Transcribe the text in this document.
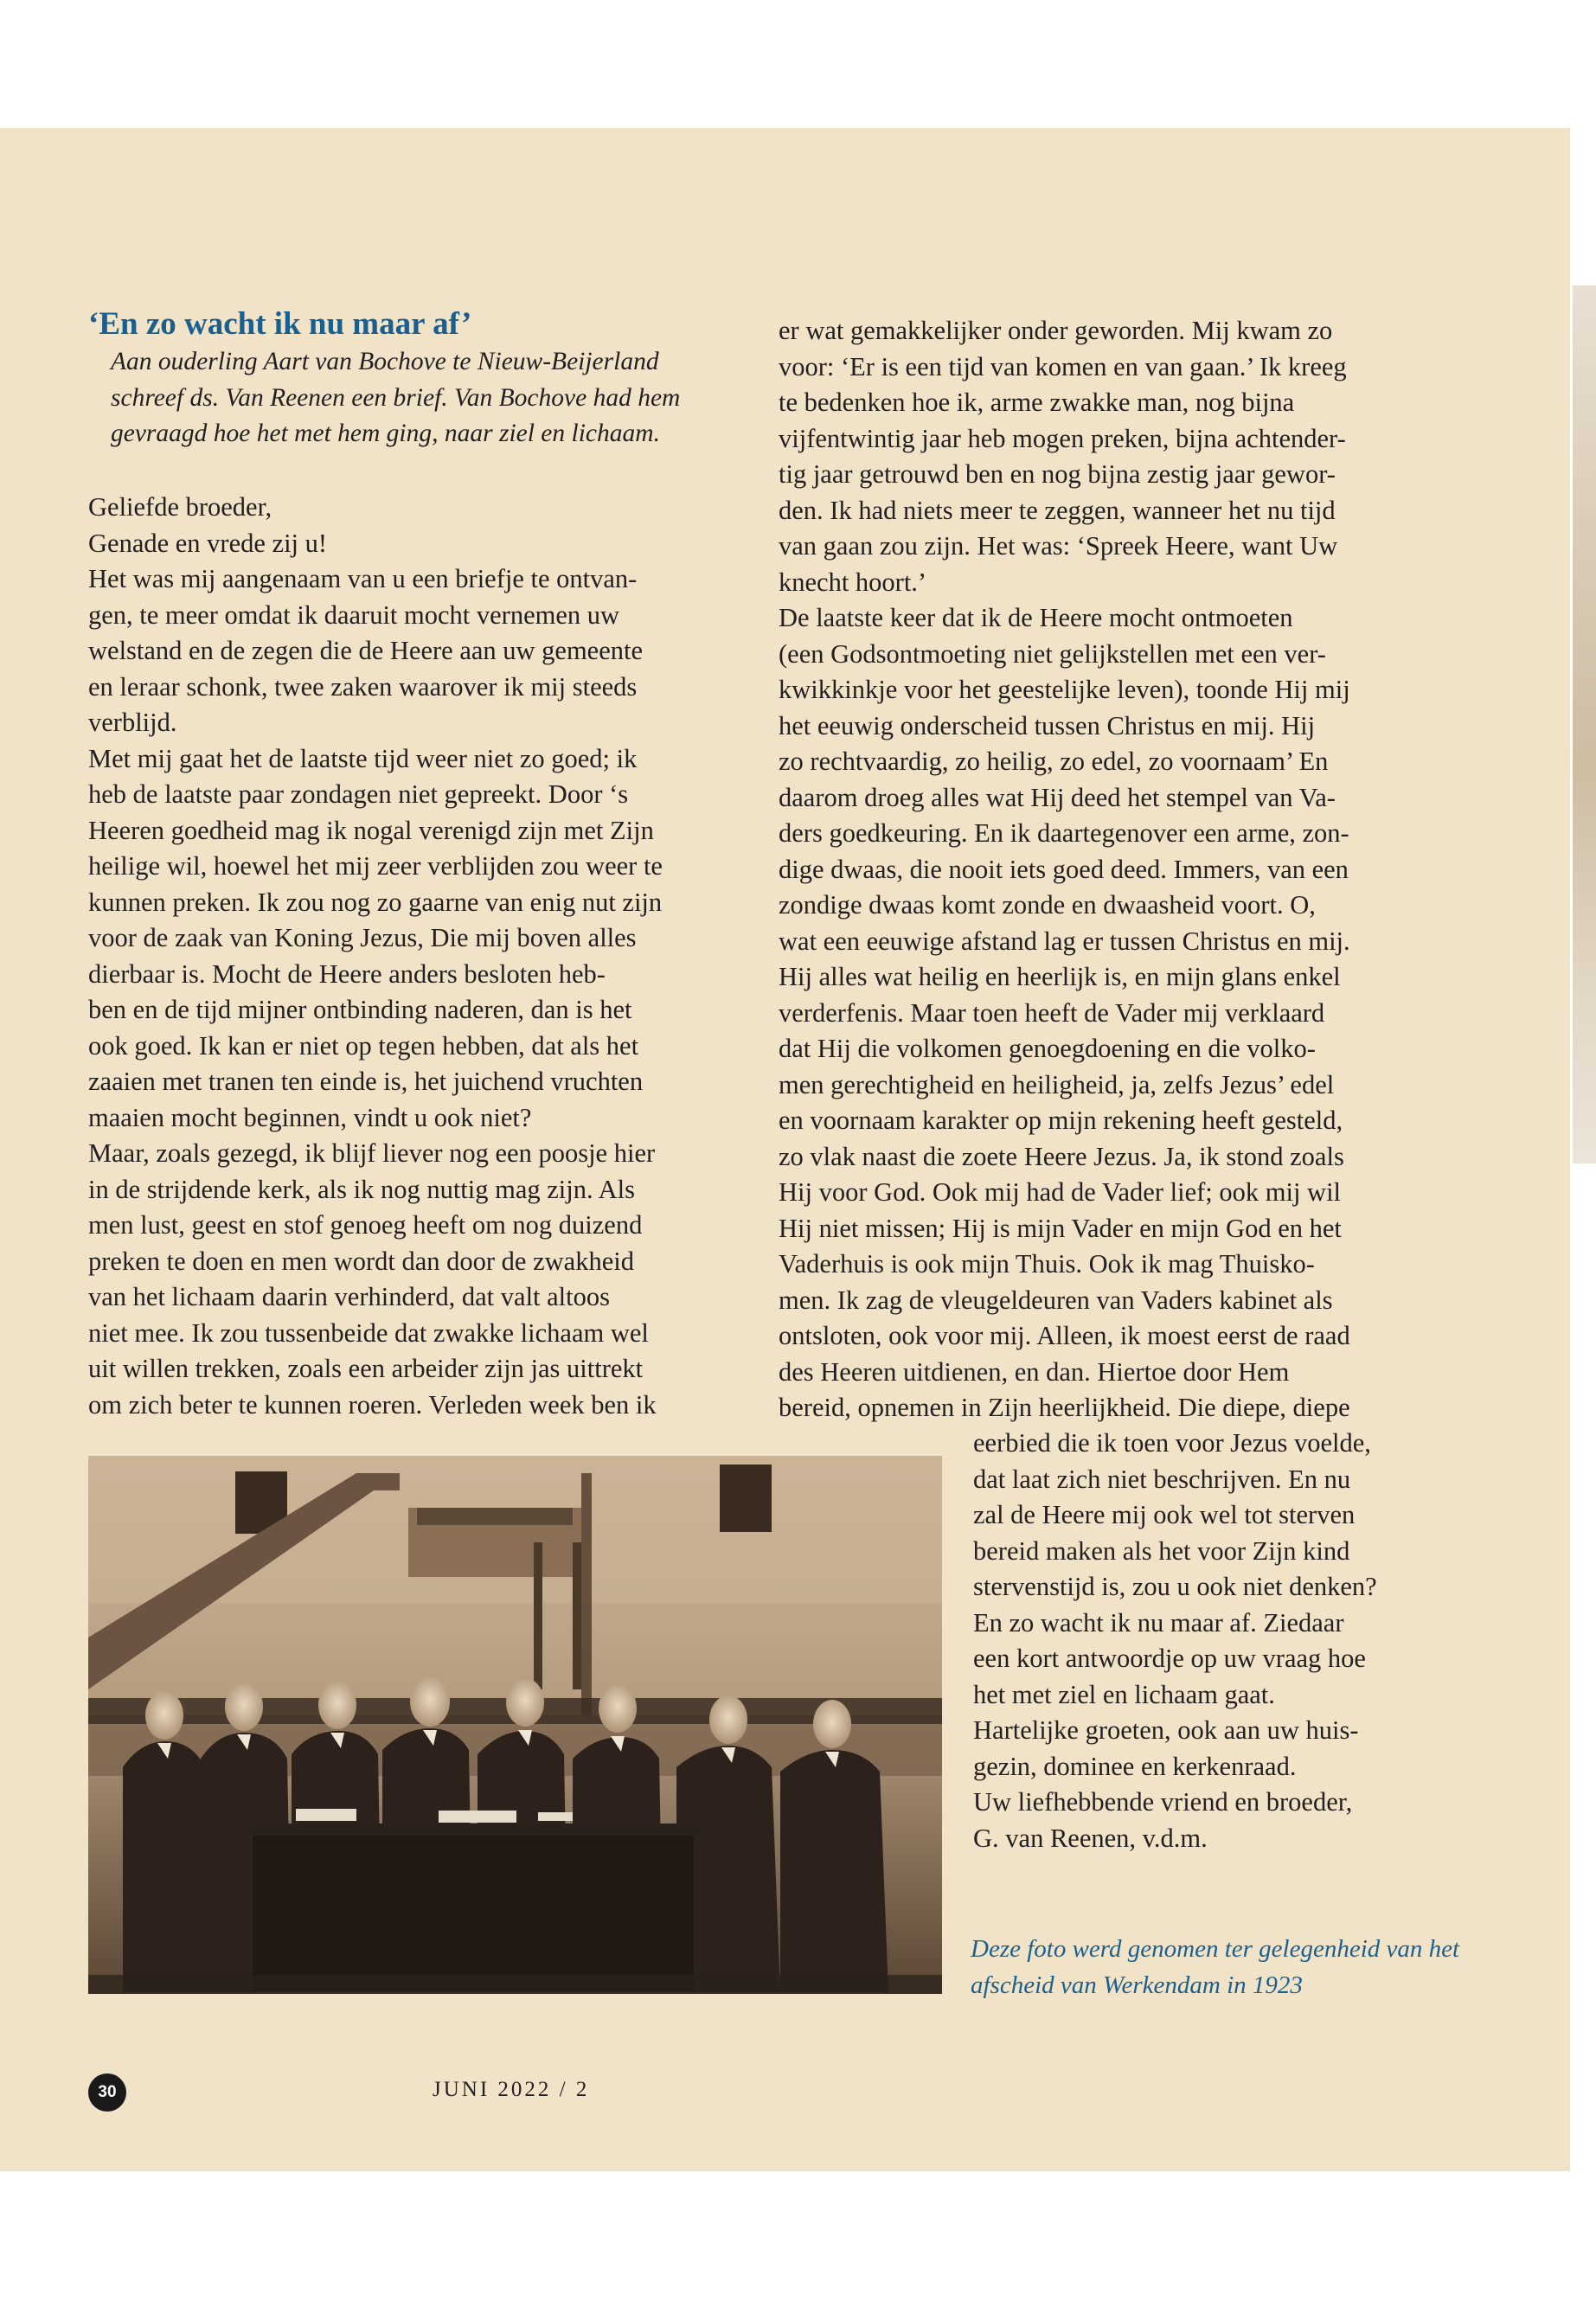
‘En zo wacht ik nu maar af’
Aan ouderling Aart van Bochove te Nieuw-Beijerland schreef ds. Van Reenen een brief. Van Bochove had hem gevraagd hoe het met hem ging, naar ziel en lichaam.

Geliefde broeder,

Genade en vrede zij u!

Het was mij aangenaam van u een briefje te ontvan-

gen, te meer omdat ik daaruit mocht vernemen uw

welstand en de zegen die de Heere aan uw gemeente

en leraar schonk, twee zaken waarover ik mij steeds

verblijd.

Met mij gaat het de laatste tijd weer niet zo goed; ik

heb de laatste paar zondagen niet gepreekt. Door ‘s

Heeren goedheid mag ik nogal verenigd zijn met Zijn

heilige wil, hoewel het mij zeer verblijden zou weer te

kunnen preken. Ik zou nog zo gaarne van enig nut zijn

voor de zaak van Koning Jezus, Die mij boven alles

dierbaar is. Mocht de Heere anders besloten heb-

ben en de tijd mijner ontbinding naderen, dan is het

ook goed. Ik kan er niet op tegen hebben, dat als het

zaaien met tranen ten einde is, het juichend vruchten

maaien mocht beginnen, vindt u ook niet?

Maar, zoals gezegd, ik blijf liever nog een poosje hier

in de strijdende kerk, als ik nog nuttig mag zijn. Als

men lust, geest en stof genoeg heeft om nog duizend

preken te doen en men wordt dan door de zwakheid

van het lichaam daarin verhinderd, dat valt altoos

niet mee. Ik zou tussenbeide dat zwakke lichaam wel

uit willen trekken, zoals een arbeider zijn jas uittrekt

om zich beter te kunnen roeren. Verleden week ben ik

er wat gemakkelijker onder geworden. Mij kwam zo

voor: ‘Er is een tijd van komen en van gaan.’ Ik kreeg

te bedenken hoe ik, arme zwakke man, nog bijna

vijfentwintig jaar heb mogen preken, bijna achtender-

tig jaar getrouwd ben en nog bijna zestig jaar gewor-

den. Ik had niets meer te zeggen, wanneer het nu tijd

van gaan zou zijn. Het was: ‘Spreek Heere, want Uw

knecht hoort.’

De laatste keer dat ik de Heere mocht ontmoeten

(een Godsontmoeting niet gelijkstellen met een ver-

kwikkinkje voor het geestelijke leven), toonde Hij mij

het eeuwig onderscheid tussen Christus en mij. Hij

zo rechtvaardig, zo heilig, zo edel, zo voornaam’ En

daarom droeg alles wat Hij deed het stempel van Va-

ders goedkeuring. En ik daartegenover een arme, zon-

dige dwaas, die nooit iets goed deed. Immers, van een

zondige dwaas komt zonde en dwaasheid voort. O,

wat een eeuwige afstand lag er tussen Christus en mij.

Hij alles wat heilig en heerlijk is, en mijn glans enkel

verderfenis. Maar toen heeft de Vader mij verklaard

dat Hij die volkomen genoegdoening en die volko-

men gerechtigheid en heiligheid, ja, zelfs Jezus’ edel

en voornaam karakter op mijn rekening heeft gesteld,

zo vlak naast die zoete Heere Jezus. Ja, ik stond zoals

Hij voor God. Ook mij had de Vader lief; ook mij wil

Hij niet missen; Hij is mijn Vader en mijn God en het

Vaderhuis is ook mijn Thuis. Ook ik mag Thuisko-

men. Ik zag de vleugeldeuren van Vaders kabinet als

ontsloten, ook voor mij. Alleen, ik moest eerst de raad

des Heeren uitdienen, en dan. Hiertoe door Hem

bereid, opnemen in Zijn heerlijkheid. Die diepe, diepe

eerbied die ik toen voor Jezus voelde,

dat laat zich niet beschrijven. En nu

zal de Heere mij ook wel tot sterven

bereid maken als het voor Zijn kind

stervenstijd is, zou u ook niet denken?

En zo wacht ik nu maar af. Ziedaar

een kort antwoordje op uw vraag hoe

het met ziel en lichaam gaat.

Hartelijke groeten, ook aan uw huis-

gezin, dominee en kerkenraad.

Uw liefhebbende vriend en broeder,

G. van Reenen, v.d.m.

Deze foto werd genomen ter gelegenheid van het afscheid van Werkendam in 1923
30	JUNI 2022 / 2
